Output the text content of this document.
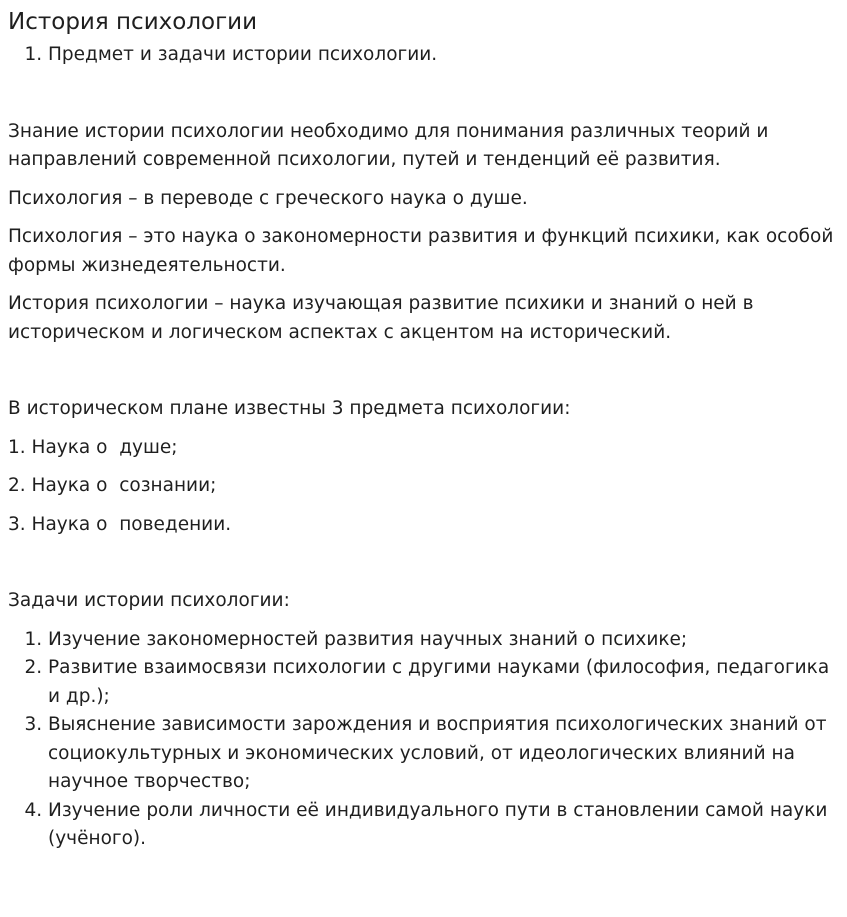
История психологии
1. Предмет и задачи истории психологии.

Знание истории психологии необходимо для понимания различных теорий и направлений современной психологии, путей и тенденций её развития.

Психология – в переводе с греческого наука о душе.

Психология – это наука о закономерности развития и функций психики, как особой формы жизнедеятельности.

История психологии – наука изучающая развитие психики и знаний о ней в историческом и логическом аспектах с акцентом на исторический.

В историческом плане известны 3 предмета психологии:

1. Наука о  душе;

2. Наука о  сознании;

3. Наука о  поведении.

Задачи истории психологии:

1. Изучение закономерностей развития научных знаний о психике;
2. Развитие взаимосвязи психологии с другими науками (философия, педагогика и др.);
3. Выяснение зависимости зарождения и восприятия психологических знаний от социокультурных и экономических условий, от идеологических влияний на научное творчество;
4. Изучение роли личности её индивидуального пути в становлении самой науки (учёного).
